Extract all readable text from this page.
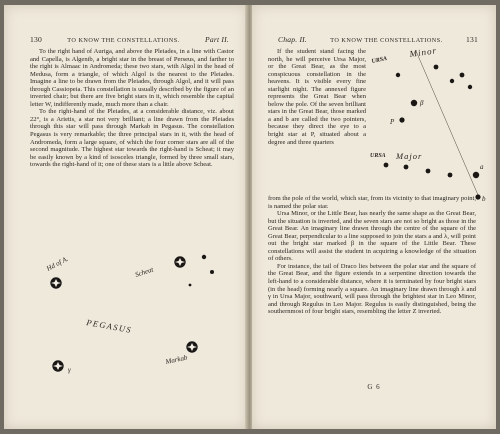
130	TO KNOW THE CONSTELLATIONS.	Part II.

To the right hand of Auriga, and above the Pleiades, in a line with Castor and Capella, is Algenib, a bright star in the breast of Perseus, and farther to the right is Almaac in Andromeda; these two stars, with Algol in the head of Medusa, form a triangle, of which Algol is the nearest to the Pleiades. Imagine a line to be drawn from the Pleiades, through Algol, and it will pass through Cassiopeia. This constellation is usually described by the figure of an inverted chair; but there are five bright stars in it, which resemble the capital letter W, indifferently made, much more than a chair.

To the right-hand of the Pleiades, at a considerable distance, viz. about 22°, is a Arietis, a star not very brilliant; a line drawn from the Pleiades through this star will pass through Markab in Pegasus. The constellation Pegasus is very remarkable; the three principal stars in it, with the head of Andromeda, form a large square, of which the four corner stars are all of the second magnitude. The highest star towards the right-hand is Scheat; it may be easily known by a kind of isosceles triangle, formed by three small stars, towards the right-hand of it; one of these stars is a little above Scheat.

Scheat
Hd of A.
Markab
γ
PEGASUS
Chap. II.	TO KNOW THE CONSTELLATIONS.	131

If the student stand facing the north, he will perceive Ursa Major, or the Great Bear, as the most conspicuous constellation in the heavens. It is visible every fine starlight night. The annexed figure represents the Great Bear when below the pole. Of the seven brilliant stars in the Great Bear, those marked a and b are called the two pointers, because they direct the eye to a bright star at P, situated about a degree and three quarters

URSA
Minor
URSA Major
P
β
a
b

from the pole of the world, which star, from its vicinity to that imaginary point, is named the polar star.

Ursa Minor, or the Little Bear, has nearly the same shape as the Great Bear, but the situation is inverted, and the seven stars are not so bright as those in the Great Bear. An imaginary line drawn through the centre of the square of the Great Bear, perpendicular to a line supposed to join the stars a and λ, will point out the bright star marked β in the square of the Little Bear. These constellations will assist the student in acquiring a knowledge of the situation of others.

For instance, the tail of Draco lies between the polar star and the square of the Great Bear, and the figure extends in a serpentine direction towards the left-hand to a considerable distance, where it is terminated by four bright stars (in the head) forming nearly a square. An imaginary line drawn through λ and γ in Ursa Major, southward, will pass through the brightest star in Leo Minor, and through Regulus in Leo Major. Regulus is easily distinguished, being the southernmost of four bright stars, resembling the letter Z inverted.

G 6
